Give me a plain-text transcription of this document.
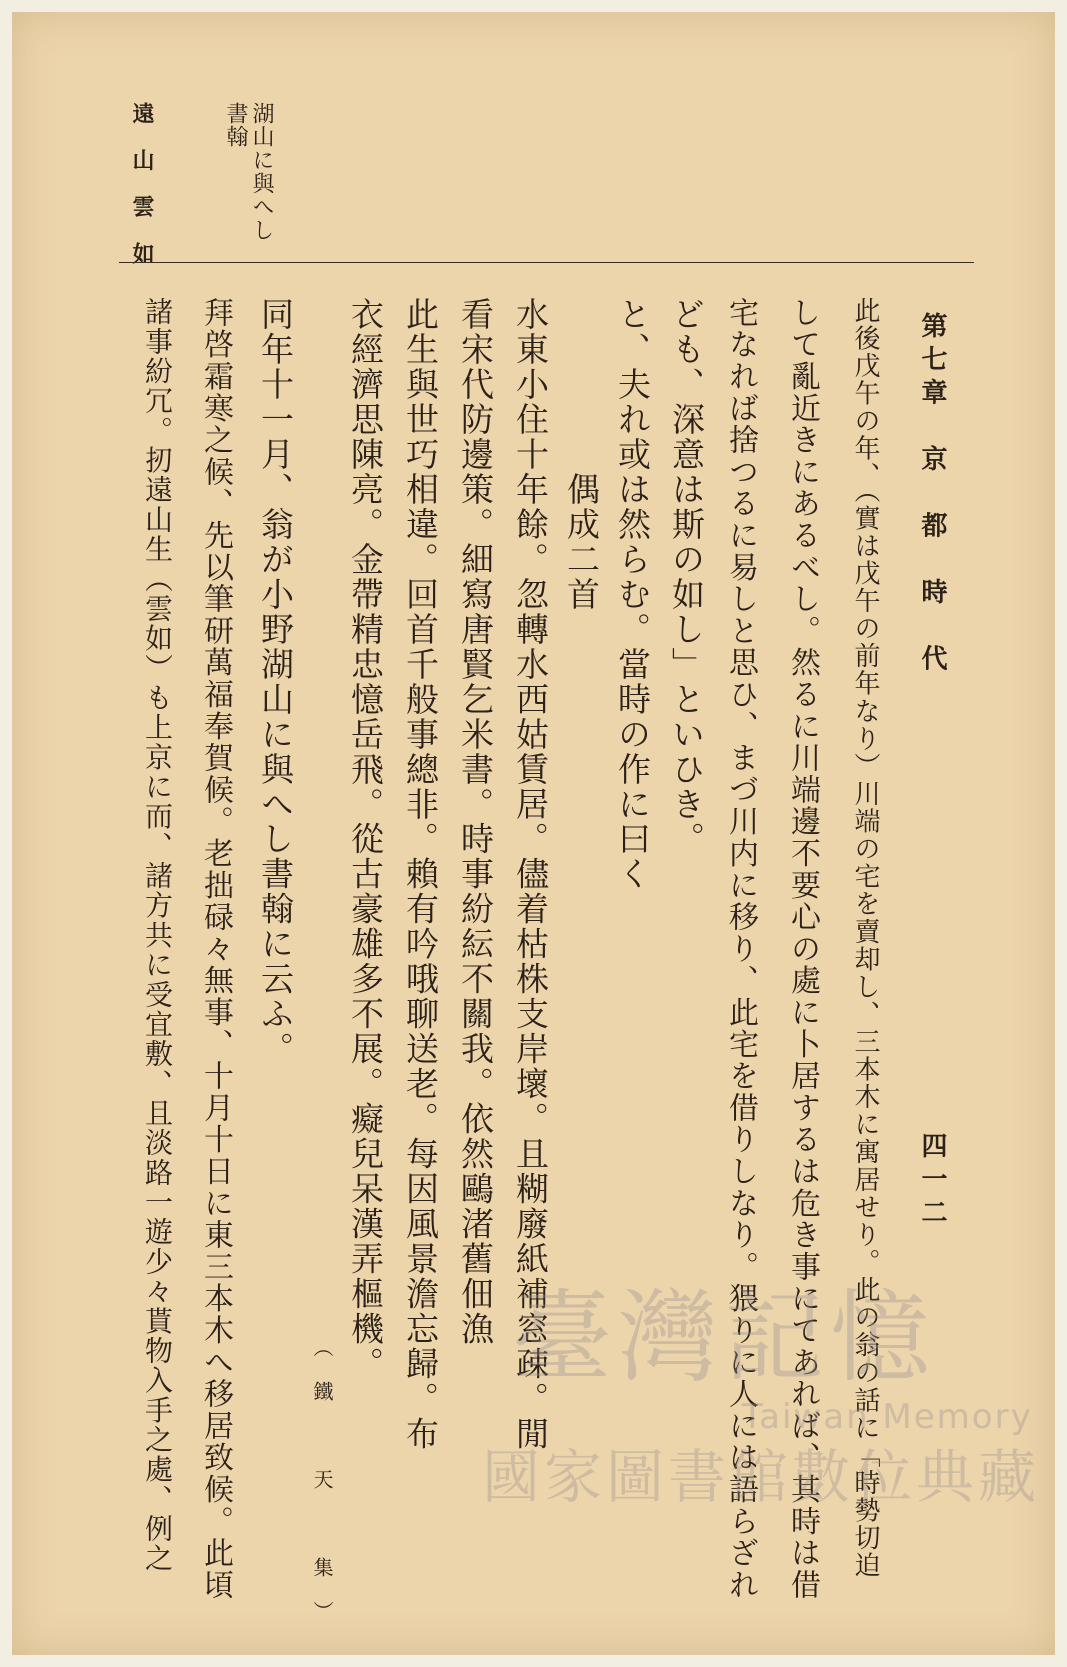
第七章　京　都　時　代
四一二
湖山に與へし
書翰
遠　山　雲　如
此後戊午の年、（實は戊午の前年なり）川端の宅を賣却し、三本木に寓居せり。此の翁の話に「時勢切迫
して亂近きにあるべし。然るに川端邊不要心の處に卜居するは危き事にてあれば、其時は借
宅なれば捨つるに易しと思ひ、まづ川内に移り、此宅を借りしなり。猥りに人には語らざれ
ども、深意は斯の如し」といひき。
と、夫れ或は然らむ。當時の作に曰く
偶成二首
水東小住十年餘。忽轉水西姑賃居。儘着枯株支岸壞。且糊廢紙補窓疎。閒
看宋代防邊策。細寫唐賢乞米書。時事紛紜不關我。依然鷗渚舊佃漁
此生與世巧相違。回首千般事總非。賴有吟哦聊送老。每因風景澹忘歸。布
衣經濟思陳亮。金帶精忠憶岳飛。從古豪雄多不展。癡兒呆漢弄樞機。
（鐵　天　集）
同年十一月、翁が小野湖山に與へし書翰に云ふ。
拜啓霜寒之候、先以筆研萬福奉賀候。老拙碌々無事、十月十日に東三本木へ移居致候。此頃
諸事紛冗。扨遠山生（雲如）も上京に而、諸方共に受宜敷、且淡路一遊少々貰物入手之處、例之	臺灣記憶
Taiwan Memory
國家圖書館數位典藏
